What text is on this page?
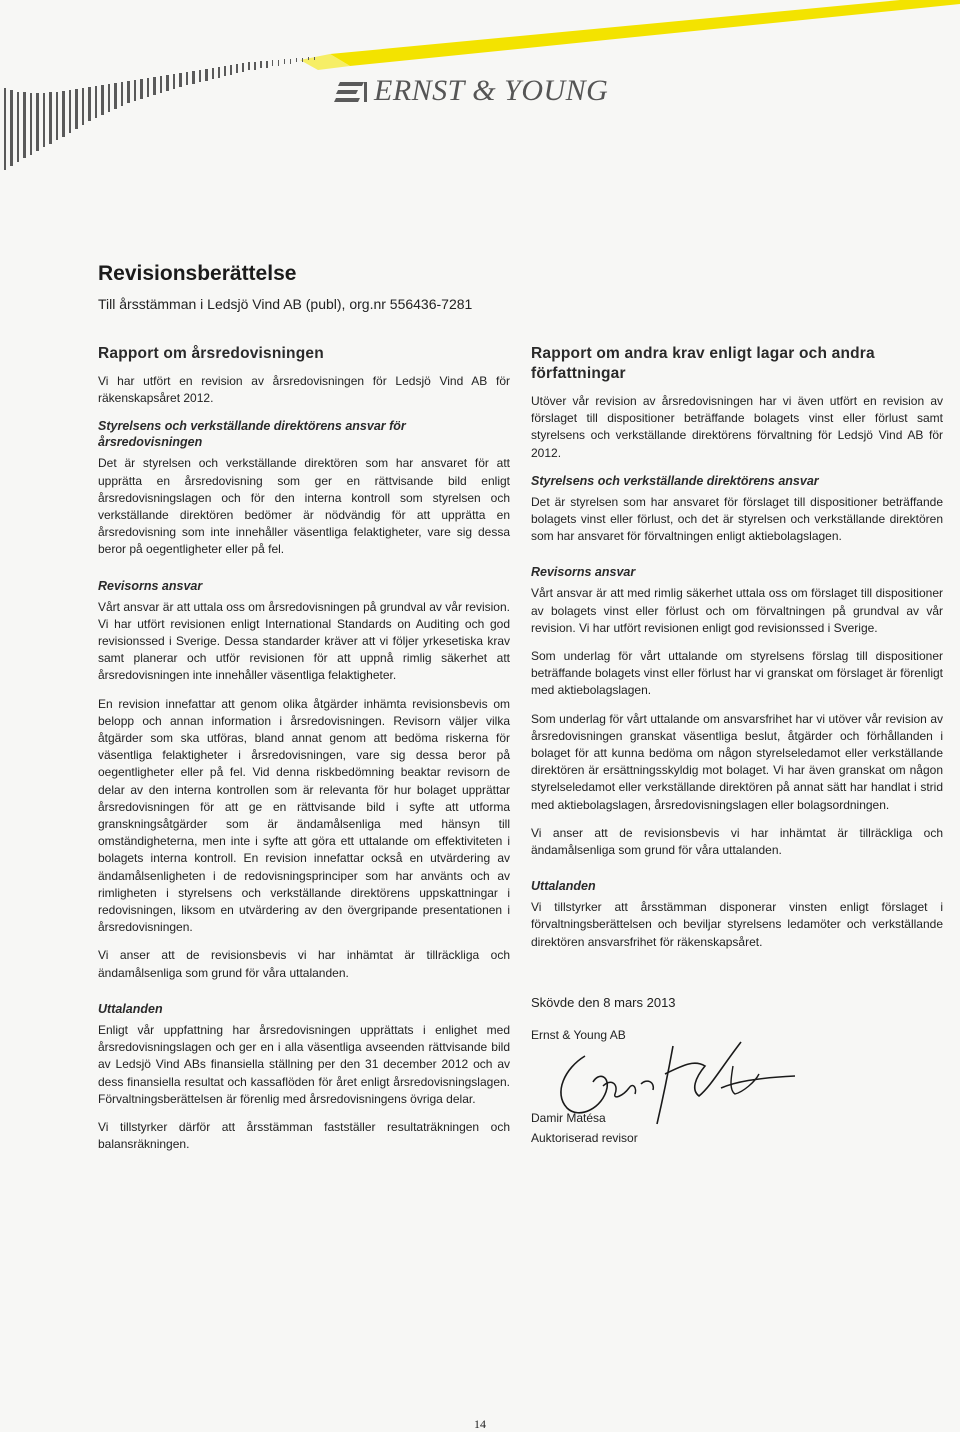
ERNST & YOUNG
Revisionsberättelse
Till årsstämman i Ledsjö Vind AB (publ), org.nr 556436-7281
Rapport om årsredovisningen

Vi har utfört en revision av årsredovisningen för Ledsjö Vind AB för räkenskapsåret 2012.

Styrelsens och verkställande direktörens ansvar för årsredovisningen

Det är styrelsen och verkställande direktören som har ansvaret för att upprätta en årsredovisning som ger en rättvisande bild enligt årsredovisningslagen och för den interna kontroll som styrelsen och verkställande direktören bedömer är nödvändig för att upprätta en årsredovisning som inte innehåller väsentliga felaktigheter, vare sig dessa beror på oegentligheter eller på fel.

Revisorns ansvar

Vårt ansvar är att uttala oss om årsredovisningen på grundval av vår revision. Vi har utfört revisionen enligt International Standards on Auditing och god revisionssed i Sverige. Dessa standarder kräver att vi följer yrkesetiska krav samt planerar och utför revisionen för att uppnå rimlig säkerhet att årsredovisningen inte innehåller väsentliga felaktigheter.

En revision innefattar att genom olika åtgärder inhämta revisionsbevis om belopp och annan information i årsredovisningen. Revisorn väljer vilka åtgärder som ska utföras, bland annat genom att bedöma riskerna för väsentliga felaktigheter i årsredovisningen, vare sig dessa beror på oegentligheter eller på fel. Vid denna riskbedömning beaktar revisorn de delar av den interna kontrollen som är relevanta för hur bolaget upprättar årsredovisningen för att ge en rättvisande bild i syfte att utforma granskningsåtgärder som är ändamålsenliga med hänsyn till omständigheterna, men inte i syfte att göra ett uttalande om effektiviteten i bolagets interna kontroll. En revision innefattar också en utvärdering av ändamålsenligheten i de redovisningsprinciper som har använts och av rimligheten i styrelsens och verkställande direktörens uppskattningar i redovisningen, liksom en utvärdering av den övergripande presentationen i årsredovisningen.

Vi anser att de revisionsbevis vi har inhämtat är tillräckliga och ändamålsenliga som grund för våra uttalanden.

Uttalanden

Enligt vår uppfattning har årsredovisningen upprättats i enlighet med årsredovisningslagen och ger en i alla väsentliga avseenden rättvisande bild av Ledsjö Vind ABs finansiella ställning per den 31 december 2012 och av dess finansiella resultat och kassaflöden för året enligt årsredovisningslagen. Förvaltningsberättelsen är förenlig med årsredovisningens övriga delar.

Vi tillstyrker därför att årsstämman fastställer resultaträkningen och balansräkningen.

Rapport om andra krav enligt lagar och andra författningar

Utöver vår revision av årsredovisningen har vi även utfört en revision av förslaget till dispositioner beträffande bolagets vinst eller förlust samt styrelsens och verkställande direktörens förvaltning för Ledsjö Vind AB för 2012.

Styrelsens och verkställande direktörens ansvar

Det är styrelsen som har ansvaret för förslaget till dispositioner beträffande bolagets vinst eller förlust, och det är styrelsen och verkställande direktören som har ansvaret för förvaltningen enligt aktiebolagslagen.

Revisorns ansvar

Vårt ansvar är att med rimlig säkerhet uttala oss om förslaget till dispositioner av bolagets vinst eller förlust och om förvaltningen på grundval av vår revision. Vi har utfört revisionen enligt god revisionssed i Sverige.

Som underlag för vårt uttalande om styrelsens förslag till dispositioner beträffande bolagets vinst eller förlust har vi granskat om förslaget är förenligt med aktiebolagslagen.

Som underlag för vårt uttalande om ansvarsfrihet har vi utöver vår revision av årsredovisningen granskat väsentliga beslut, åtgärder och förhållanden i bolaget för att kunna bedöma om någon styrelseledamot eller verkställande direktören är ersättningsskyldig mot bolaget. Vi har även granskat om någon styrelseledamot eller verkställande direktören på annat sätt har handlat i strid med aktiebolagslagen, årsredovisningslagen eller bolagsordningen.

Vi anser att de revisionsbevis vi har inhämtat är tillräckliga och ändamålsenliga som grund för våra uttalanden.

Uttalanden

Vi tillstyrker att årsstämman disponerar vinsten enligt förslaget i förvaltningsberättelsen och beviljar styrelsens ledamöter och verkställande direktören ansvarsfrihet för räkenskapsåret.

Skövde den 8 mars 2013

Ernst & Young AB

Damir Matésa

Auktoriserad revisor

14
